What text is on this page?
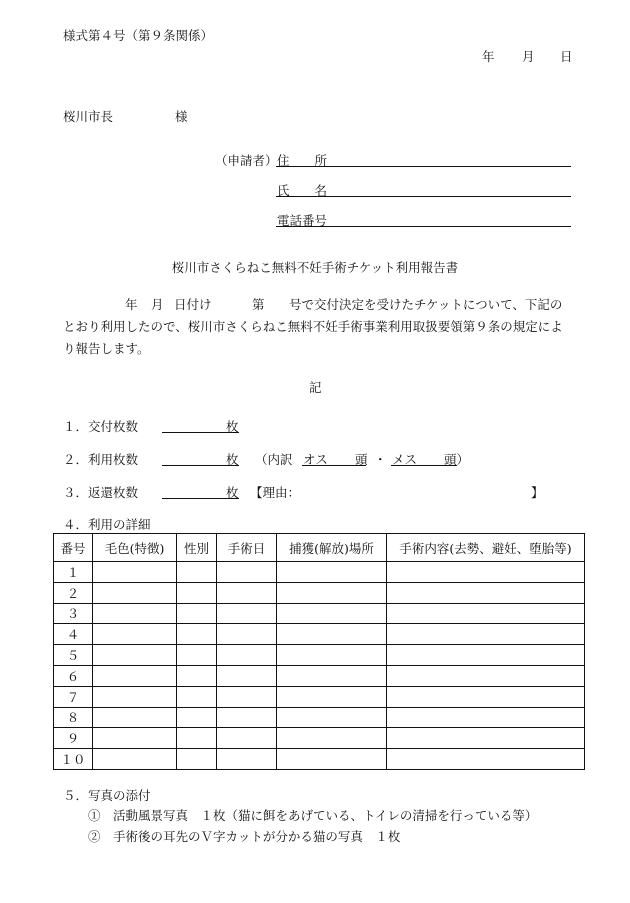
様式第４号（第９条関係）
年 月 日
桜川市長	様
（申請者） 住　　所
氏　　名
電話番号
桜川市さくらねこ無料不妊手術チケット利用報告書
年 月 日付け	第 号で交付決定を受けたチケットについて、下記の
とおり利用したので、桜川市さくらねこ無料不妊手術事業利用取扱要領第９条の規定によ
り報告します。
記
１．交付枚数	枚
２．利用枚数	枚 （内訳 オス 頭 ・ メス 頭）
３．返還枚数	枚 【理由：	】
４．利用の詳細
番号	毛色(特徴)	性別	手術日	捕獲(解放)場所	手術内容(去勢、避妊、堕胎等)
１					
２					
３					
４					
５					
６					
７					
８					
９					
１０					
５．写真の添付
①　活動風景写真　１枚（猫に餌をあげている、トイレの清掃を行っている等）
②　手術後の耳先のＶ字カットが分かる猫の写真　１枚
